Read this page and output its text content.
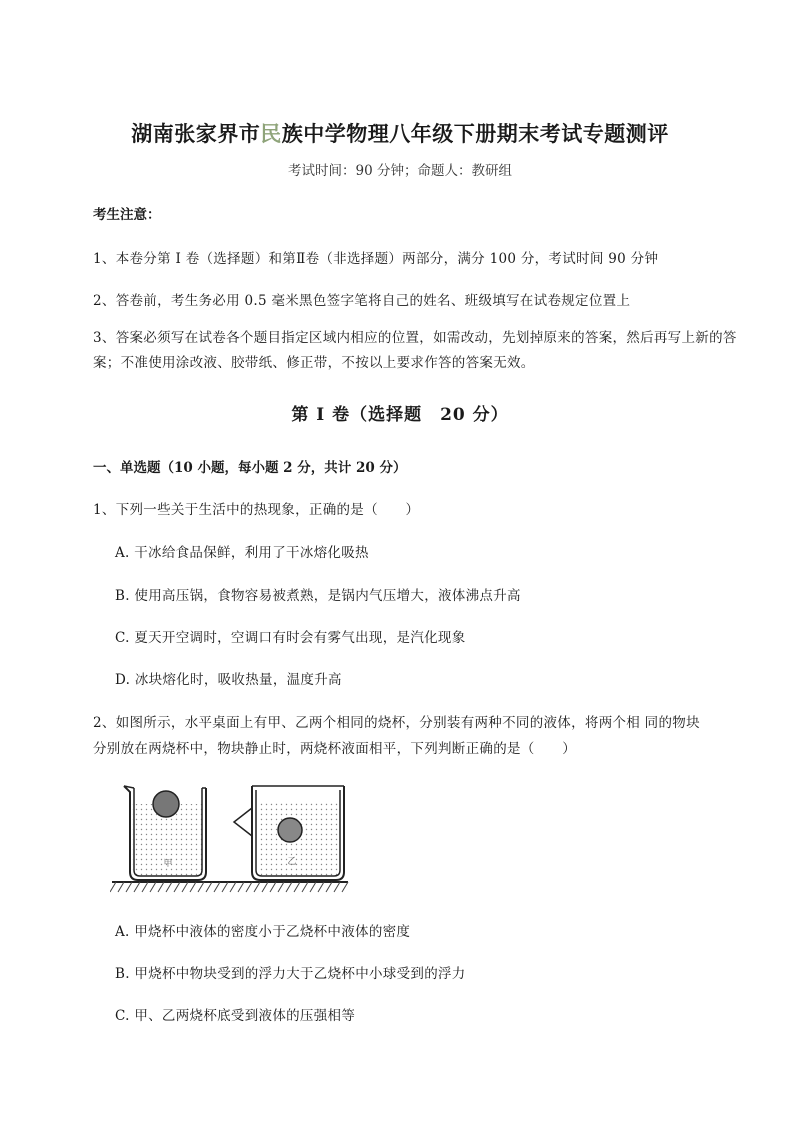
湖南张家界市民族中学物理八年级下册期末考试专题测评
考试时间：90 分钟；命题人：教研组
考生注意：
1、本卷分第 I 卷（选择题）和第Ⅱ卷（非选择题）两部分，满分 100 分，考试时间 90 分钟
2、答卷前，考生务必用 0.5 毫米黑色签字笔将自己的姓名、班级填写在试卷规定位置上
3、答案必须写在试卷各个题目指定区域内相应的位置，如需改动，先划掉原来的答案，然后再写上新的答案；不准使用涂改液、胶带纸、修正带，不按以上要求作答的答案无效。
第 I 卷（选择题　20 分）
一、单选题（10 小题，每小题 2 分，共计 20 分）
1、下列一些关于生活中的热现象，正确的是（　　）
A. 干冰给食品保鲜，利用了干冰熔化吸热
B. 使用高压锅，食物容易被煮熟，是锅内气压增大，液体沸点升高
C. 夏天开空调时，空调口有时会有雾气出现，是汽化现象
D. 冰块熔化时，吸收热量，温度升高
2、如图所示，水平桌面上有甲、乙两个相同的烧杯，分别装有两种不同的液体，将两个相 同的物块
分别放在两烧杯中，物块静止时，两烧杯液面相平，下列判断正确的是（　　）
甲	乙
A. 甲烧杯中液体的密度小于乙烧杯中液体的密度
B. 甲烧杯中物块受到的浮力大于乙烧杯中小球受到的浮力
C. 甲、乙两烧杯底受到液体的压强相等
